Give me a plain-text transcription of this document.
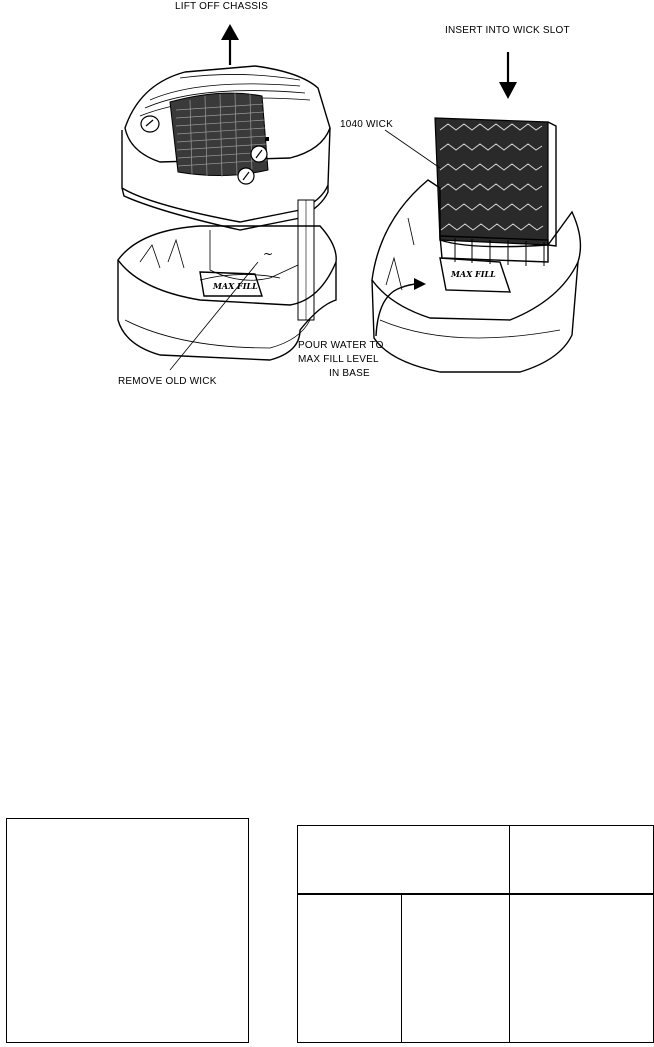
MAX FILL
~
MAX FILL
LIFT OFF CHASSIS
INSERT INTO WICK SLOT
1040 WICK
POUR WATER TO
MAX FILL LEVEL
IN BASE
REMOVE OLD WICK
